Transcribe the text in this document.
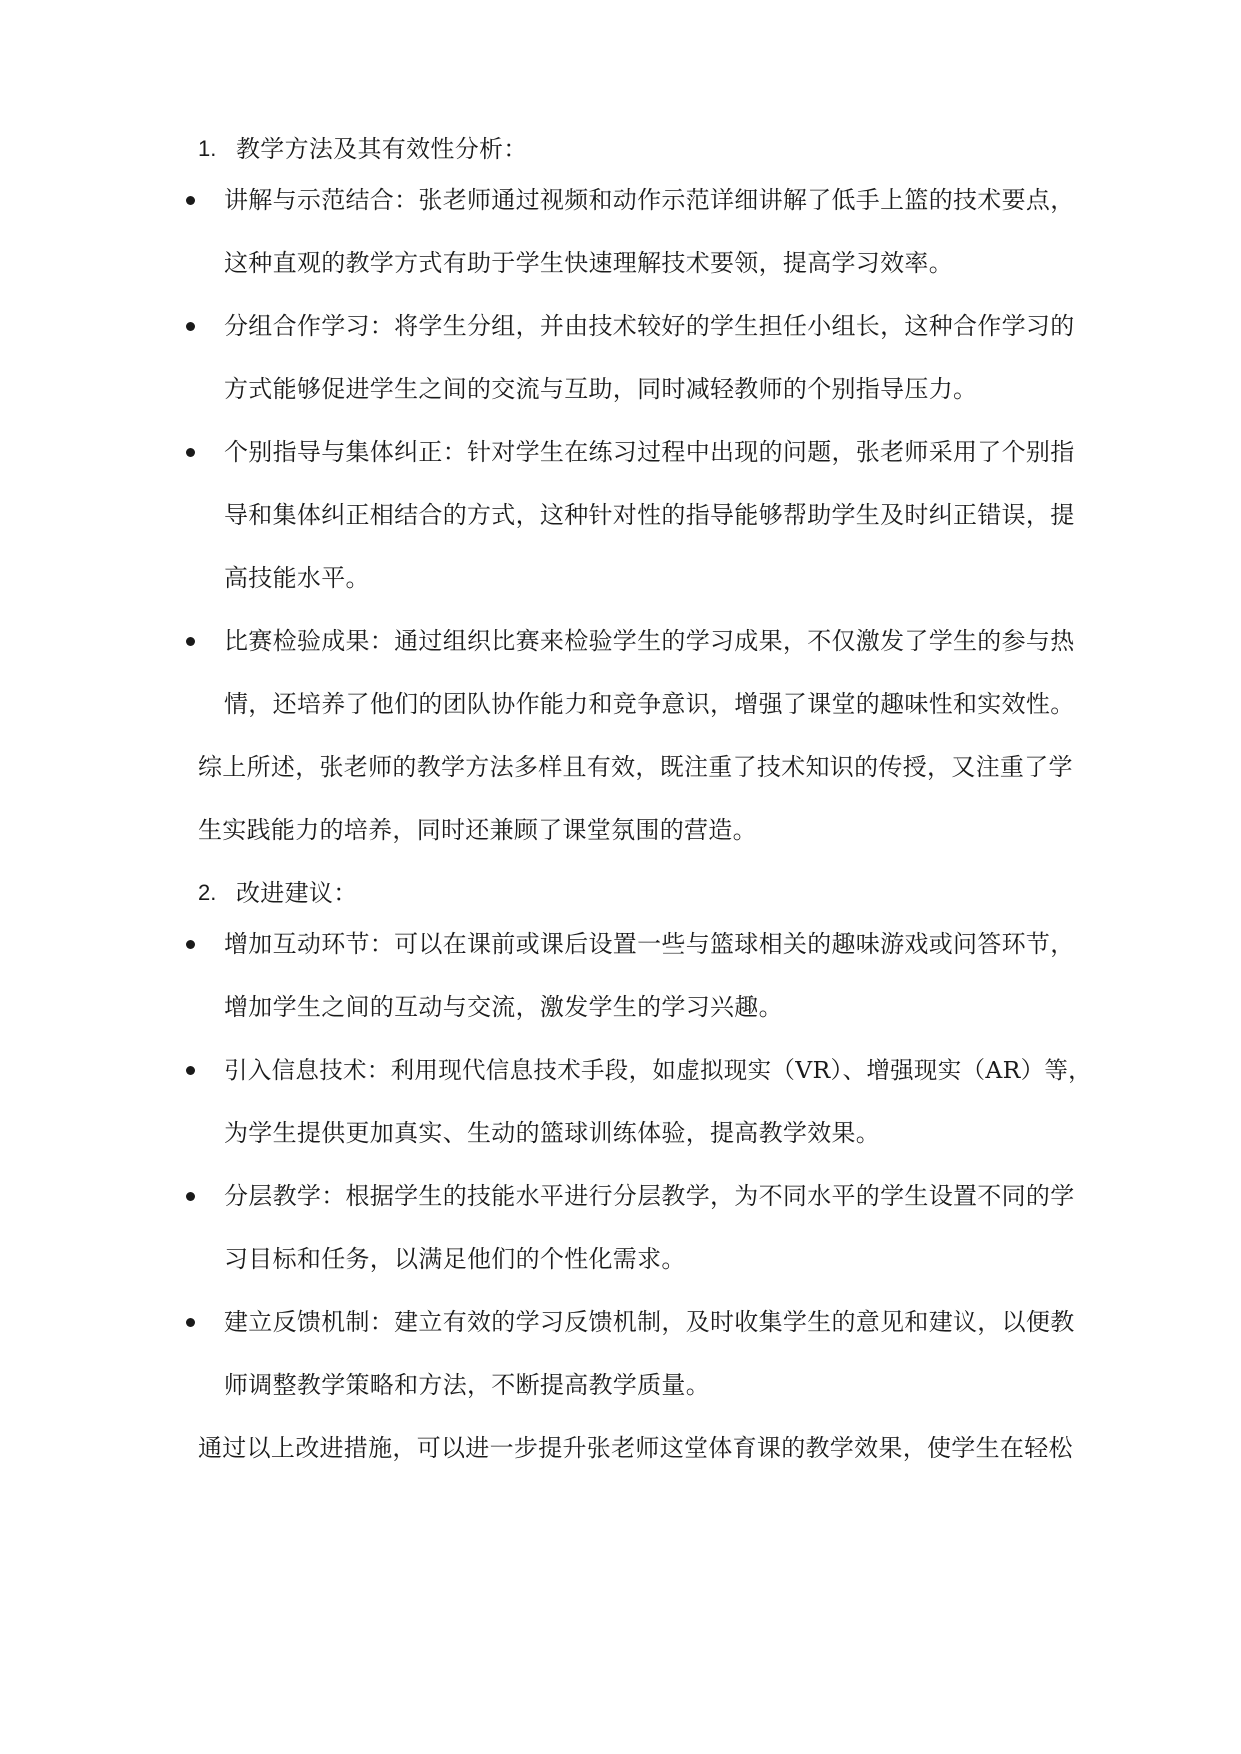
1. 教学方法及其有效性分析：
讲解与示范结合：张老师通过视频和动作示范详细讲解了低手上篮的技术要点，
这种直观的教学方式有助于学生快速理解技术要领，提高学习效率。
分组合作学习：将学生分组，并由技术较好的学生担任小组长，这种合作学习的
方式能够促进学生之间的交流与互助，同时减轻教师的个别指导压力。
个别指导与集体纠正：针对学生在练习过程中出现的问题，张老师采用了个别指
导和集体纠正相结合的方式，这种针对性的指导能够帮助学生及时纠正错误，提
高技能水平。
比赛检验成果：通过组织比赛来检验学生的学习成果，不仅激发了学生的参与热
情，还培养了他们的团队协作能力和竞争意识，增强了课堂的趣味性和实效性。
综上所述，张老师的教学方法多样且有效，既注重了技术知识的传授，又注重了学
生实践能力的培养，同时还兼顾了课堂氛围的营造。
2. 改进建议：
增加互动环节：可以在课前或课后设置一些与篮球相关的趣味游戏或问答环节，
增加学生之间的互动与交流，激发学生的学习兴趣。
引入信息技术：利用现代信息技术手段，如虚拟现实（VR）、增强现实（AR）等，
为学生提供更加真实、生动的篮球训练体验，提高教学效果。
分层教学：根据学生的技能水平进行分层教学，为不同水平的学生设置不同的学
习目标和任务，以满足他们的个性化需求。
建立反馈机制：建立有效的学习反馈机制，及时收集学生的意见和建议，以便教
师调整教学策略和方法，不断提高教学质量。
通过以上改进措施，可以进一步提升张老师这堂体育课的教学效果，使学生在轻松
